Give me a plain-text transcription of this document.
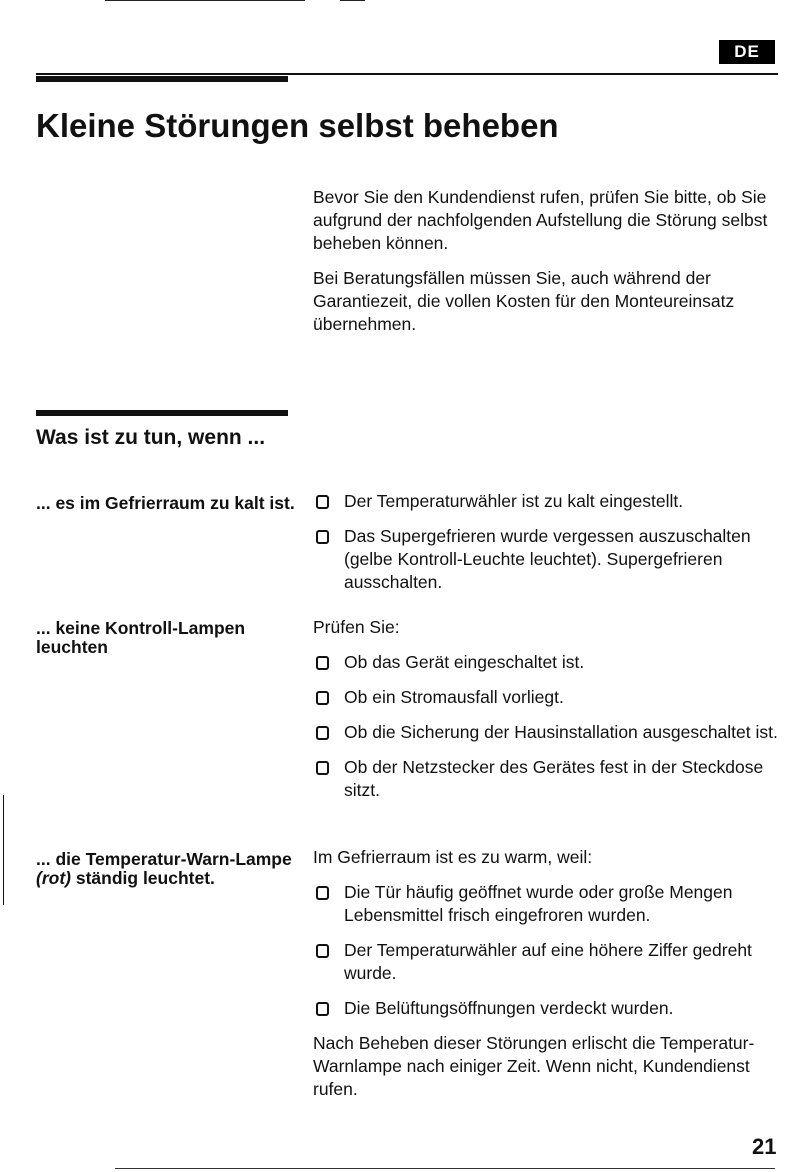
DE
Kleine Störungen selbst beheben

Bevor Sie den Kundendienst rufen, prüfen Sie bitte, ob Sie aufgrund der nachfolgenden Aufstellung die Störung selbst beheben können.

Bei Beratungsfällen müssen Sie, auch während der Garantiezeit, die vollen Kosten für den Monteureinsatz übernehmen.

Was ist zu tun, wenn ...
... es im Gefrierraum zu kalt ist.	Der Temperaturwähler ist zu kalt eingestellt.
Das Supergefrieren wurde vergessen auszuschalten (gelbe Kontroll-Leuchte leuchtet). Supergefrieren ausschalten.
... keine Kontroll-Lampen leuchten

Prüfen Sie:

Ob das Gerät eingeschaltet ist.
Ob ein Stromausfall vorliegt.
Ob die Sicherung der Hausinstallation ausgeschaltet ist.
Ob der Netzstecker des Gerätes fest in der Steckdose sitzt.
... die Temperatur-Warn-Lampe (rot) ständig leuchtet.

Im Gefrierraum ist es zu warm, weil:

Die Tür häufig geöffnet wurde oder große Mengen Lebensmittel frisch eingefroren wurden.
Der Temperaturwähler auf eine höhere Ziffer gedreht wurde.
Die Belüftungsöffnungen verdeckt wurden.

Nach Beheben dieser Störungen erlischt die Temperatur-Warnlampe nach einiger Zeit. Wenn nicht, Kundendienst rufen.

21
